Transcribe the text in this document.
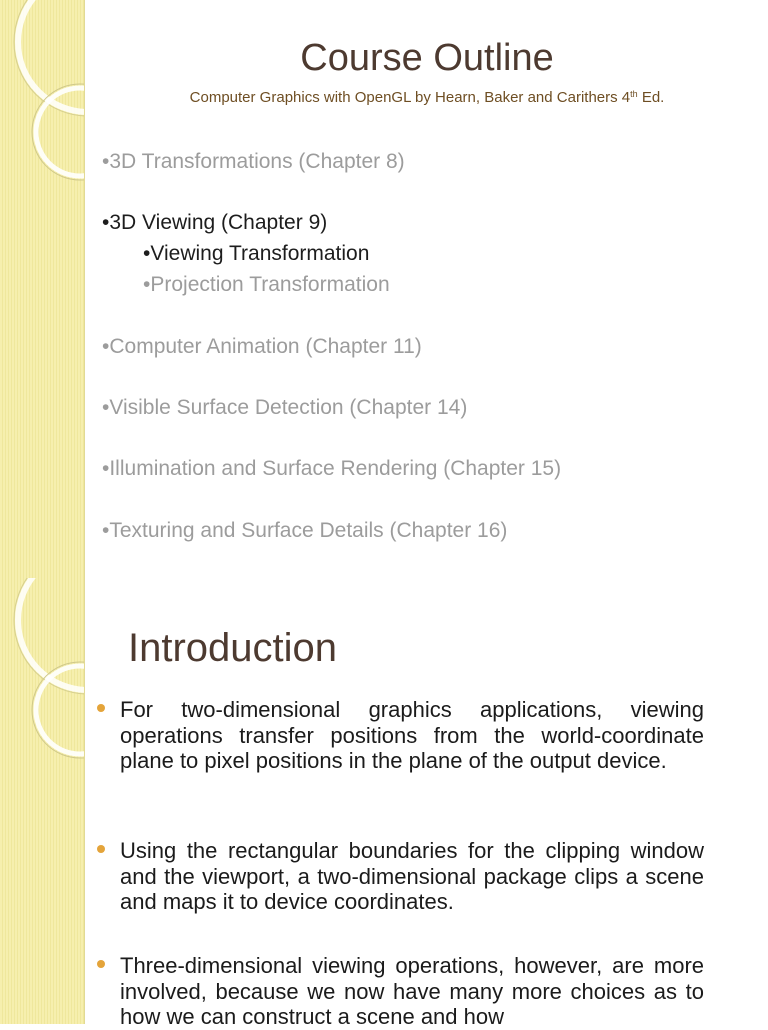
Course Outline
Computer Graphics with OpenGL by Hearn, Baker and Carithers 4th Ed.
•3D Transformations (Chapter 8)
•3D Viewing (Chapter 9)
•Viewing Transformation
•Projection Transformation
•Computer Animation (Chapter 11)
•Visible Surface Detection (Chapter 14)
•Illumination and Surface Rendering (Chapter 15)
•Texturing and Surface Details (Chapter 16)
Introduction
For two-dimensional graphics applications, viewing operations transfer positions from the world-coordinate plane to pixel positions in the plane of the output device.
Using the rectangular boundaries for the clipping window and the viewport, a two-dimensional package clips a scene and maps it to device coordinates.
Three-dimensional viewing operations, however, are more involved, because we now have many more choices as to how we can construct a scene and how
